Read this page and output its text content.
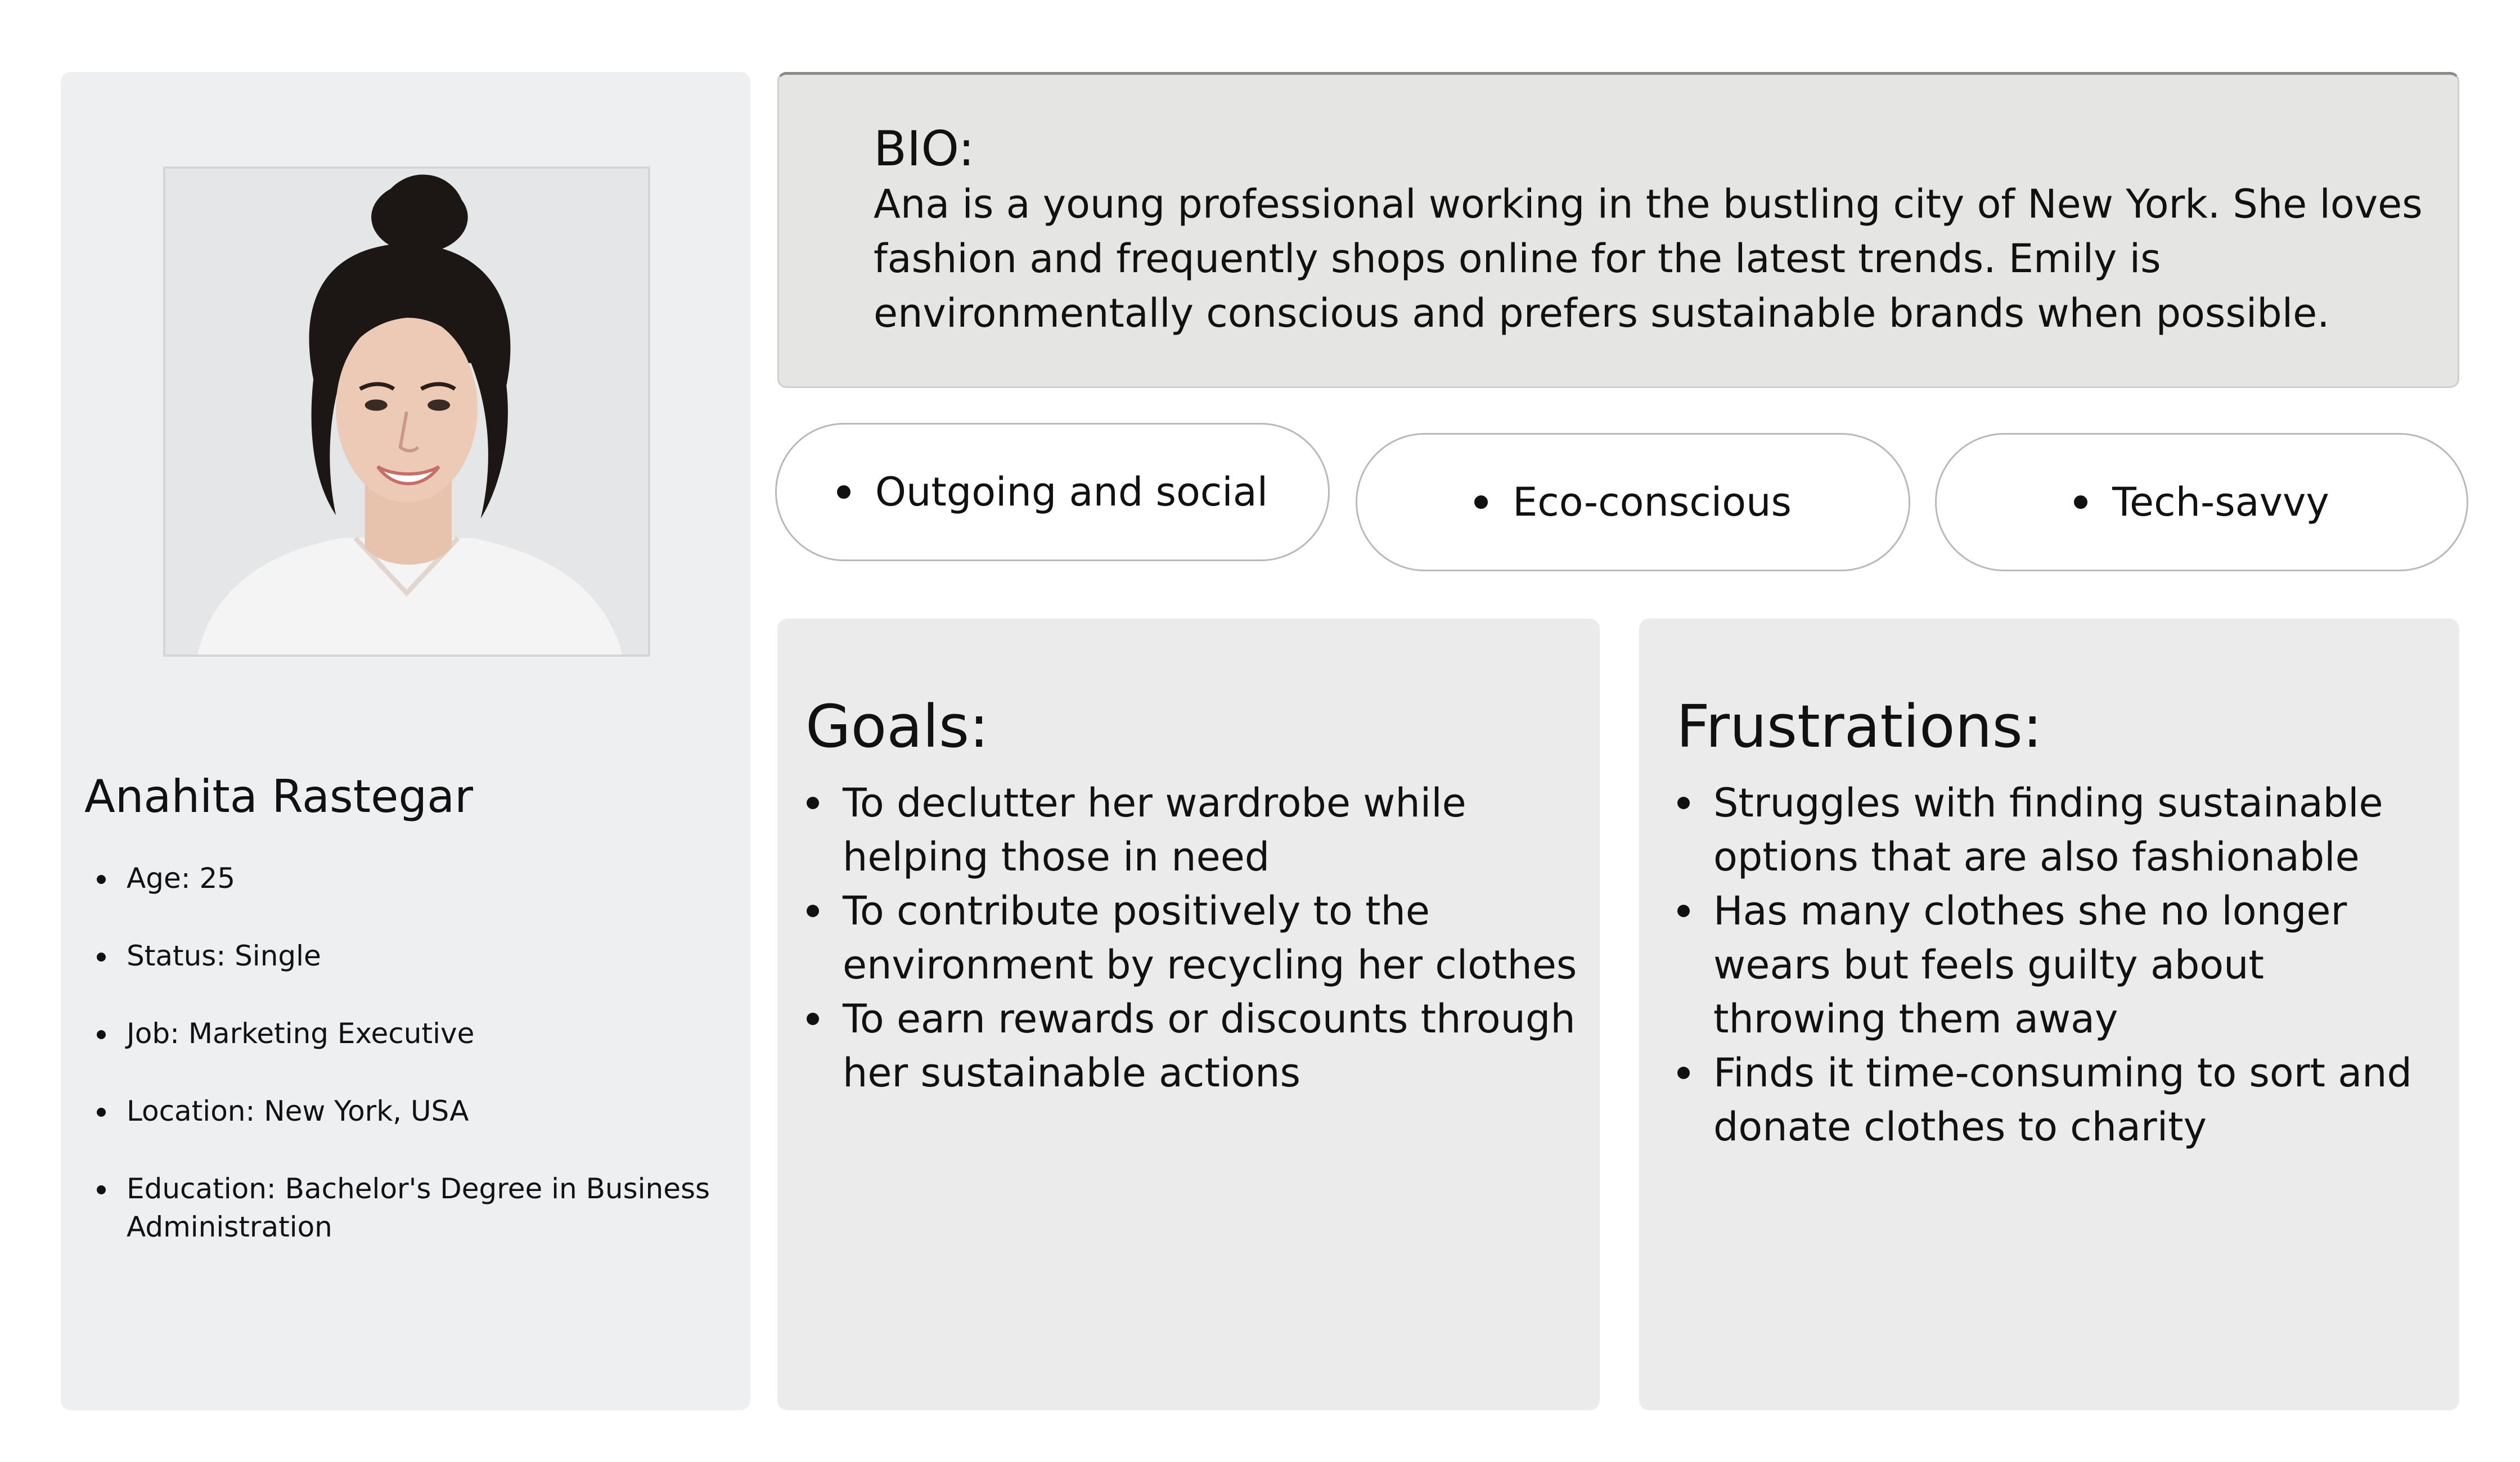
Anahita Rastegar
Age: 25
Status: Single
Job: Marketing Executive
Location: New York, USA
Education: Bachelor's Degree in Business Administration
BIO:

Ana is a young professional working in the bustling city of New York. She loves fashion and frequently shops online for the latest trends. Emily is environmentally conscious and prefers sustainable brands when possible.

Outgoing and social	Eco-conscious	Tech-savvy
Goals:
To declutter her wardrobe while helping those in need
To contribute positively to the environment by recycling her clothes
To earn rewards or discounts through her sustainable actions
Frustrations:
Struggles with finding sustainable options that are also fashionable
Has many clothes she no longer wears but feels guilty about throwing them away
Finds it time-consuming to sort and donate clothes to charity
